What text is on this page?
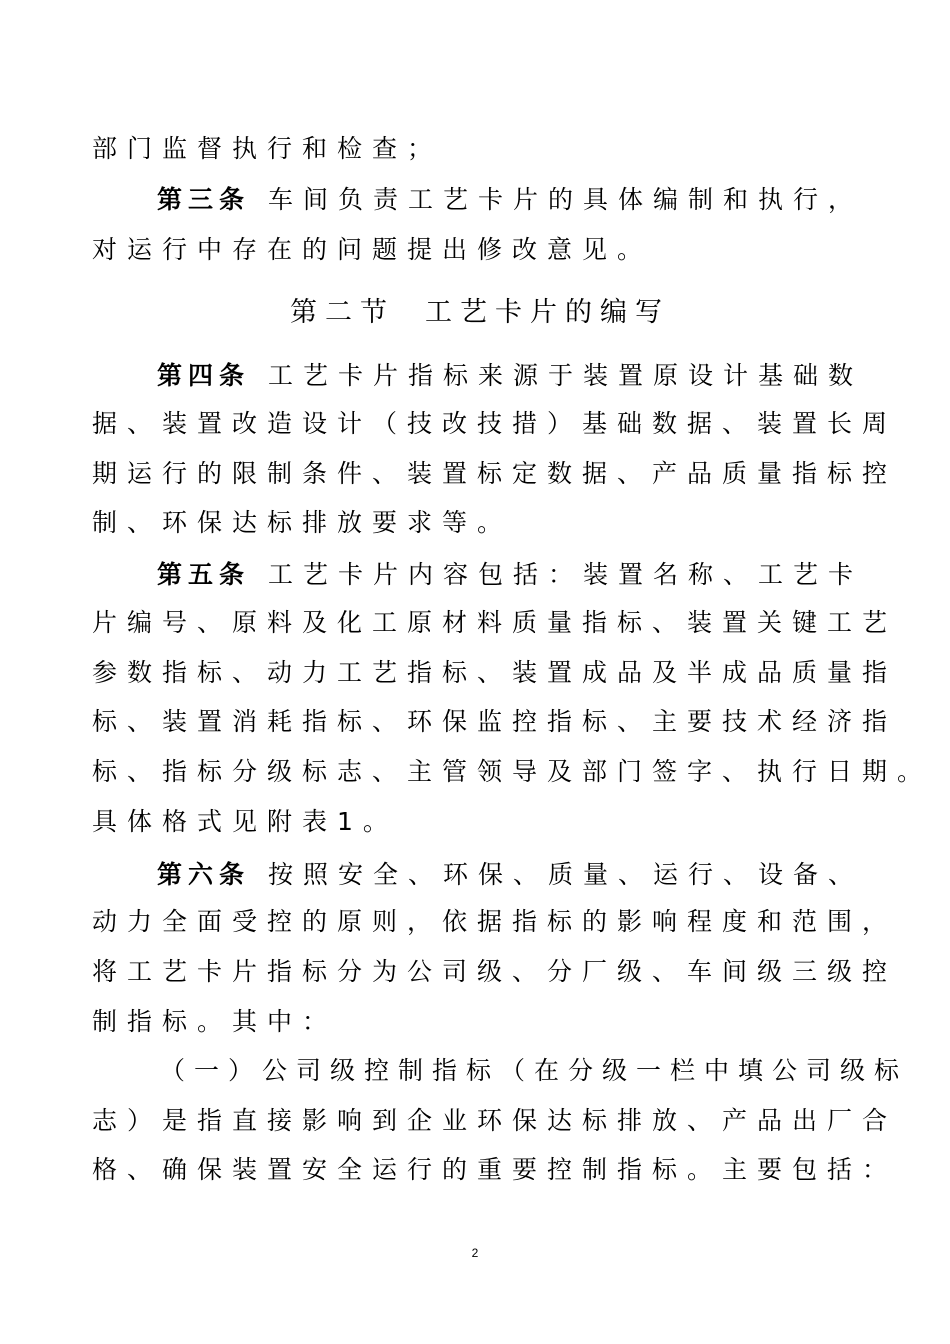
部门监督执行和检查；
第三条 车间负责工艺卡片的具体编制和执行，
对运行中存在的问题提出修改意见。
第二节 工艺卡片的编写
第四条 工艺卡片指标来源于装置原设计基础数
据、装置改造设计（技改技措）基础数据、装置长周
期运行的限制条件、装置标定数据、产品质量指标控
制、环保达标排放要求等。
第五条 工艺卡片内容包括：装置名称、工艺卡
片编号、原料及化工原材料质量指标、装置关键工艺
参数指标、动力工艺指标、装置成品及半成品质量指
标、装置消耗指标、环保监控指标、主要技术经济指
标、指标分级标志、主管领导及部门签字、执行日期。
具体格式见附表1。
第六条 按照安全、环保、质量、运行、设备、
动力全面受控的原则，依据指标的影响程度和范围，
将工艺卡片指标分为公司级、分厂级、车间级三级控
制指标。其中：
（一）公司级控制指标（在分级一栏中填公司级标
志）是指直接影响到企业环保达标排放、产品出厂合
格、确保装置安全运行的重要控制指标。主要包括：
2
